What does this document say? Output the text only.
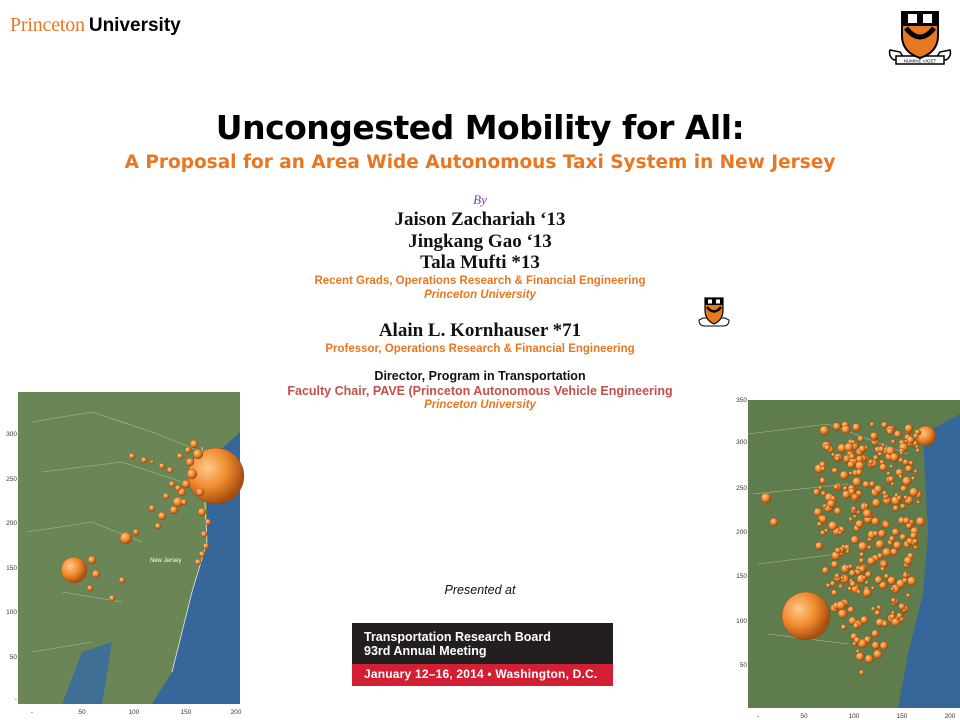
Princeton University
NUMINE VIGET
Uncongested Mobility for All:
A Proposal for an Area Wide Autonomous Taxi System in New Jersey
By
Jaison Zachariah ‘13
Jingkang Gao ‘13
Tala Mufti *13
Recent Grads, Operations Research & Financial Engineering
Princeton University
Alain L. Kornhauser *71
Professor, Operations Research & Financial Engineering
Director, Program in Transportation
Faculty Chair, PAVE (Princeton Autonomous Vehicle Engineering
Princeton University
New Jersey
300
250
200
150
100
50
-
-	50	100	150	200
350
300
250
200
150
100
50
-	50	100	150	200
Presented at
Transportation Research Board
93rd Annual Meeting
January 12–16, 2014 • Washington, D.C.
